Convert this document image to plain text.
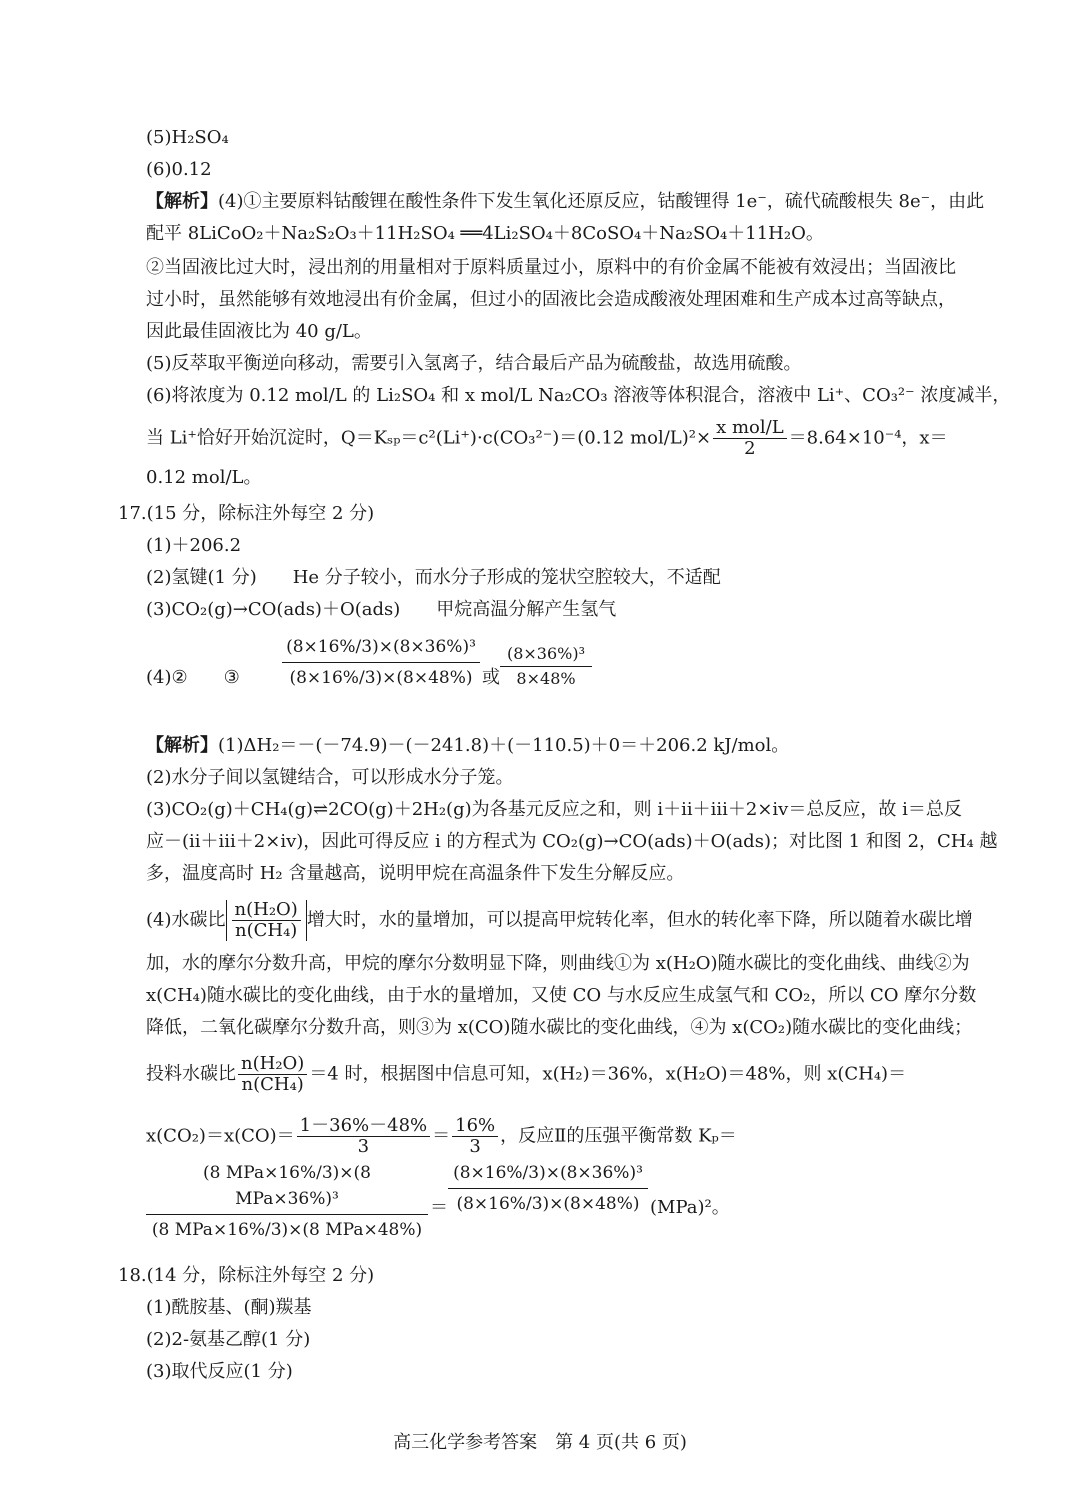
(5)H₂SO₄
(6)0.12
【解析】(4)①主要原料钴酸锂在酸性条件下发生氧化还原反应，钴酸锂得 1e⁻，硫代硫酸根失 8e⁻，由此
配平 8LiCoO₂＋Na₂S₂O₃＋11H₂SO₄ ══4Li₂SO₄＋8CoSO₄＋Na₂SO₄＋11H₂O。
②当固液比过大时，浸出剂的用量相对于原料质量过小，原料中的有价金属不能被有效浸出；当固液比
过小时，虽然能够有效地浸出有价金属，但过小的固液比会造成酸液处理困难和生产成本过高等缺点，
因此最佳固液比为 40 g/L。
(5)反萃取平衡逆向移动，需要引入氢离子，结合最后产品为硫酸盐，故选用硫酸。
(6)将浓度为 0.12 mol/L 的 Li₂SO₄ 和 x mol/L Na₂CO₃ 溶液等体积混合，溶液中 Li⁺、CO₃²⁻ 浓度减半，
当 Li⁺恰好开始沉淀时，Q＝Kₛₚ＝c²(Li⁺)·c(CO₃²⁻)＝(0.12 $mol/L)^2\times \frac{\text{x mol/L}}{2} =8.64\times 10^{-4}$，x＝
0.12 mol/L。
17.(15 分，除标注外每空 2 分)
(1)＋206.2
(2)氢键(1 分)　　He 分子较小，而水分子形成的笼状空腔较大，不适配
(3)CO₂(g)→CO(ads)＋O(ads)　　甲烷高温分解产生氢气
(4)②　　③ $\frac{\text{(8×16\%/3)×(8×36\%)³}}{(8\times 16\%/3)\times(8\times 48\%)}$ 或 $\frac{\text{(8×36\%)³}}{8\times 48\%}$
【解析】(1)ΔH₂＝－(－74.9)－(－241.8)＋(－110.5)＋0＝＋206.2 kJ/mol。
(2)水分子间以氢键结合，可以形成水分子笼。
(3)CO₂(g)＋CH₄(g)⇌2CO(g)＋2H₂(g)为各基元反应之和，则 i＋ii＋iii＋2×iv＝总反应，故 i＝总反
应－(ii＋iii＋2×iv)，因此可得反应 i 的方程式为 CO₂(g)→CO(ads)＋O(ads)；对比图 1 和图 2，CH₄ 越
多，温度高时 H₂ 含量越高，说明甲烷在高温条件下发生分解反应。
(4)水碳比 $\frac{\text{n(H₂O)}}{\text{n(CH₄)}}$ 增大时，水的量增加，可以提高甲烷转化率，但水的转化率下降，所以随着水碳比增
加，水的摩尔分数升高，甲烷的摩尔分数明显下降，则曲线①为 x(H₂O)随水碳比的变化曲线、曲线②为
x(CH₄)随水碳比的变化曲线，由于水的量增加，又使 CO 与水反应生成氢气和 CO₂，所以 CO 摩尔分数
降低，二氧化碳摩尔分数升高，则③为 x(CO)随水碳比的变化曲线，④为 x(CO₂)随水碳比的变化曲线；
投料水碳比 $\frac{\text{n(H₂O)}}{\text{n(CH₄)}} =4$ 时，根据图中信息可知，x(H₂)＝36%，x(H₂O)＝48%，则 x(CH₄)＝
$x(CO_2)=x(CO)= \frac{1-36\%-48\%}{3} = \frac{16\%}{3}$ ，反应Ⅱ的压强平衡常数 Kₚ＝
(8 MPa×16%/3)×(8 MPa×36%)³
(8 MPa×16%/3)×(8 MPa×48%)
＝ $\frac{\text{(8×16\%/3)×(8×36\%)³}}{(8\times 16\%/3)\times(8\times 48\%)} (MPa)^2$。
18.(14 分，除标注外每空 2 分)
(1)酰胺基、(酮)羰基
(2)2-氨基乙醇(1 分)
(3)取代反应(1 分)
高三化学参考答案　第 4 页(共 6 页)
